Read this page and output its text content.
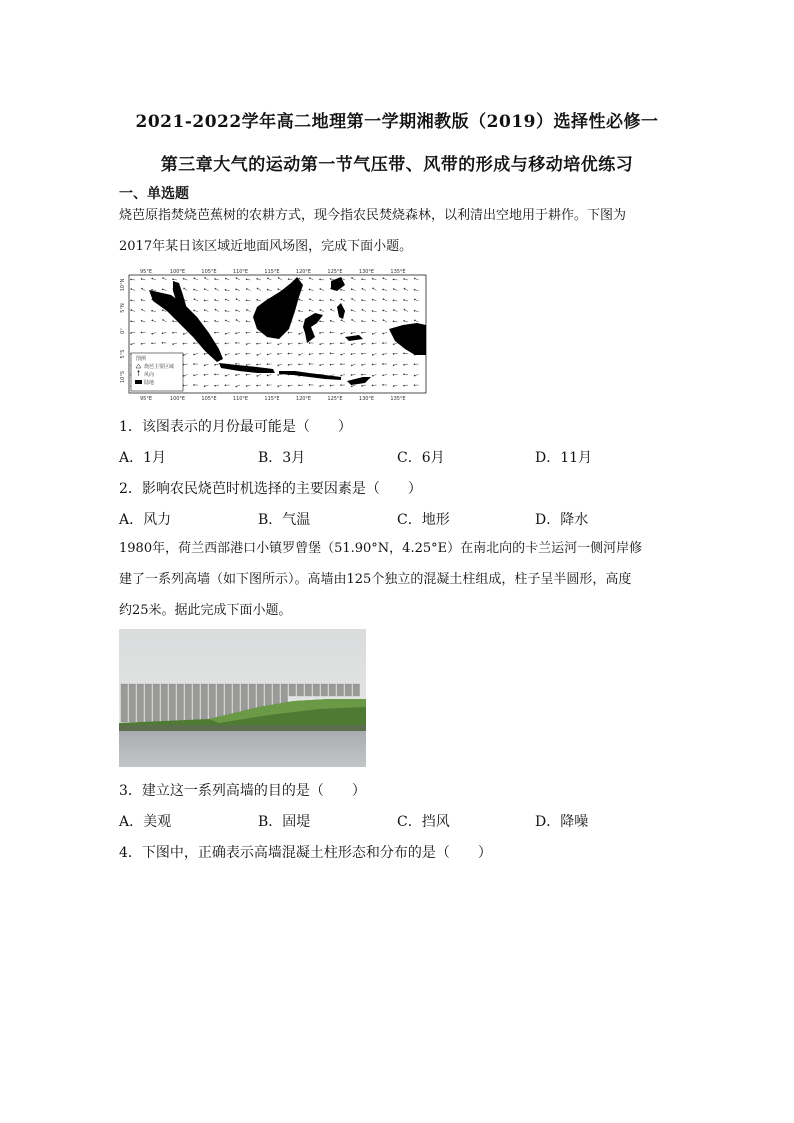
2021-2022学年高二地理第一学期湘教版（2019）选择性必修一
第三章大气的运动第一节气压带、风带的形成与移动培优练习
一、单选题
烧芭原指焚烧芭蕉树的农耕方式，现今指农民焚烧森林，以利清出空地用于耕作。下图为
2017年某日该区域近地面风场图，完成下面小题。
95°E	100°E	105°E	110°E	115°E	120°E	125°E	130°E	135°E
95°E	100°E	105°E	110°E	115°E	120°E	125°E	130°E	135°E
10°N
5°N
0°
5°S
10°S
图例
烧芭主要区域
风向
陆地
1．该图表示的月份最可能是（　　）
A．1月	B．3月	C．6月	D．11月
2．影响农民烧芭时机选择的主要因素是（　　）
A．风力	B．气温	C．地形	D．降水
1980年，荷兰西部港口小镇罗曾堡（51.90°N，4.25°E）在南北向的卡兰运河一侧河岸修
建了一系列高墙（如下图所示）。高墙由125个独立的混凝土柱组成，柱子呈半圆形，高度
约25米。据此完成下面小题。
3．建立这一系列高墙的目的是（　　）
A．美观	B．固堤	C．挡风	D．降噪
4．下图中，正确表示高墙混凝土柱形态和分布的是（　　）
